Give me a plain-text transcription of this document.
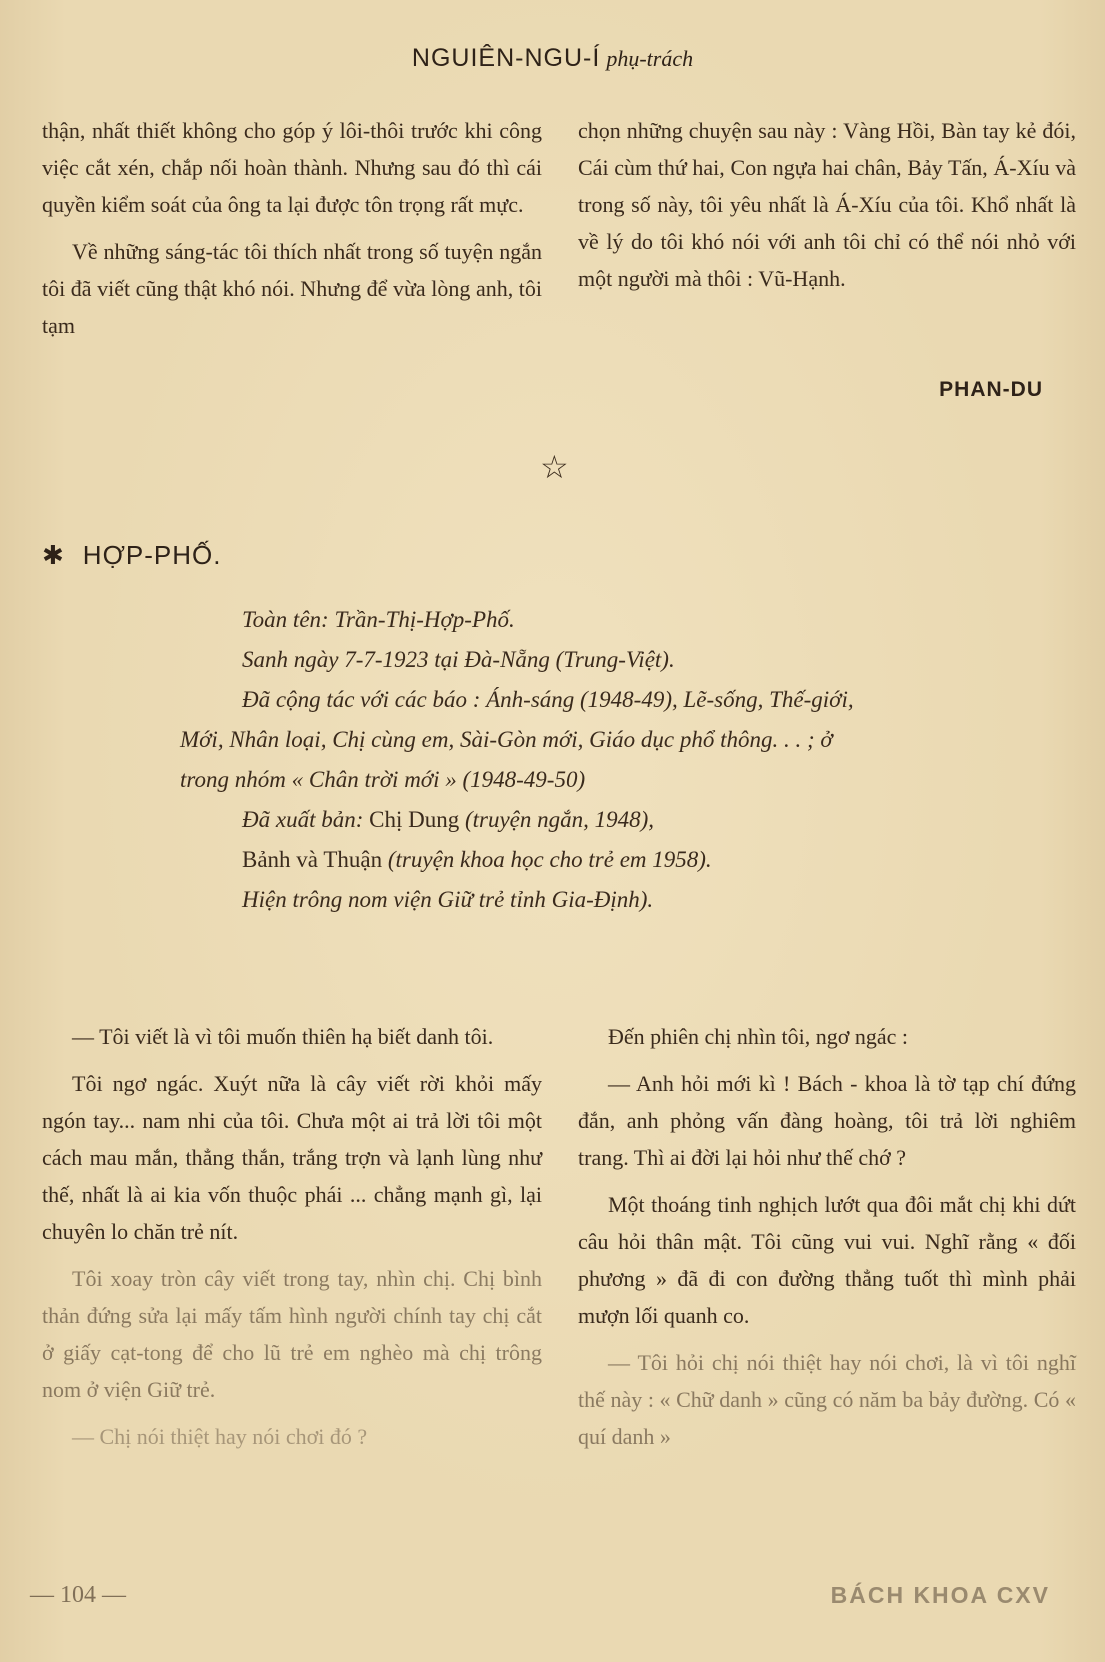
NGUIÊN-NGU-Í phụ-trách

thận, nhất thiết không cho góp ý lôi-thôi trước khi công việc cắt xén, chắp nối hoàn thành. Nhưng sau đó thì cái quyền kiểm soát của ông ta lại được tôn trọng rất mực.

Về những sáng-tác tôi thích nhất trong số tuyện ngắn tôi đã viết cũng thật khó nói. Nhưng để vừa lòng anh, tôi tạm

chọn những chuyện sau này : Vàng Hồi, Bàn tay kẻ đói, Cái cùm thứ hai, Con ngựa hai chân, Bảy Tấn, Á-Xíu và trong số này, tôi yêu nhất là Á-Xíu của tôi. Khổ nhất là về lý do tôi khó nói với anh tôi chỉ có thể nói nhỏ với một người mà thôi : Vũ-Hạnh.

PHAN-DU
☆
✱ HỢP-PHỐ.
Toàn tên: Trần-Thị-Hợp-Phố.
Sanh ngày 7-7-1923 tại Đà-Nẵng (Trung-Việt).
Đã cộng tác với các báo : Ánh-sáng (1948-49), Lẽ-sống, Thế-giới,
Mới, Nhân loại, Chị cùng em, Sài-Gòn mới, Giáo dục phổ thông. . . ; ở
trong nhóm « Chân trời mới » (1948-49-50)
Đã xuất bản: Chị Dung (truyện ngắn, 1948),
Bảnh và Thuận (truyện khoa học cho trẻ em 1958).
Hiện trông nom viện Giữ trẻ tỉnh Gia-Định).

— Tôi viết là vì tôi muốn thiên hạ biết danh tôi.

Tôi ngơ ngác. Xuýt nữa là cây viết rời khỏi mấy ngón tay... nam nhi của tôi. Chưa một ai trả lời tôi một cách mau mắn, thẳng thắn, trắng trợn và lạnh lùng như thế, nhất là ai kia vốn thuộc phái ... chẳng mạnh gì, lại chuyên lo chăn trẻ nít.

Tôi xoay tròn cây viết trong tay, nhìn chị. Chị bình thản đứng sửa lại mấy tấm hình người chính tay chị cắt ở giấy cạt-tong để cho lũ trẻ em nghèo mà chị trông nom ở viện Giữ trẻ.

— Chị nói thiệt hay nói chơi đó ?

Đến phiên chị nhìn tôi, ngơ ngác :

— Anh hỏi mới kì ! Bách - khoa là tờ tạp chí đứng đắn, anh phỏng vấn đàng hoàng, tôi trả lời nghiêm trang. Thì ai đời lại hỏi như thế chớ ?

Một thoáng tinh nghịch lướt qua đôi mắt chị khi dứt câu hỏi thân mật. Tôi cũng vui vui. Nghĩ rằng « đối phương » đã đi con đường thẳng tuốt thì mình phải mượn lối quanh co.

— Tôi hỏi chị nói thiệt hay nói chơi, là vì tôi nghĩ thế này : « Chữ danh » cũng có năm ba bảy đường. Có « quí danh »

— 104 —	BÁCH KHOA CXV
